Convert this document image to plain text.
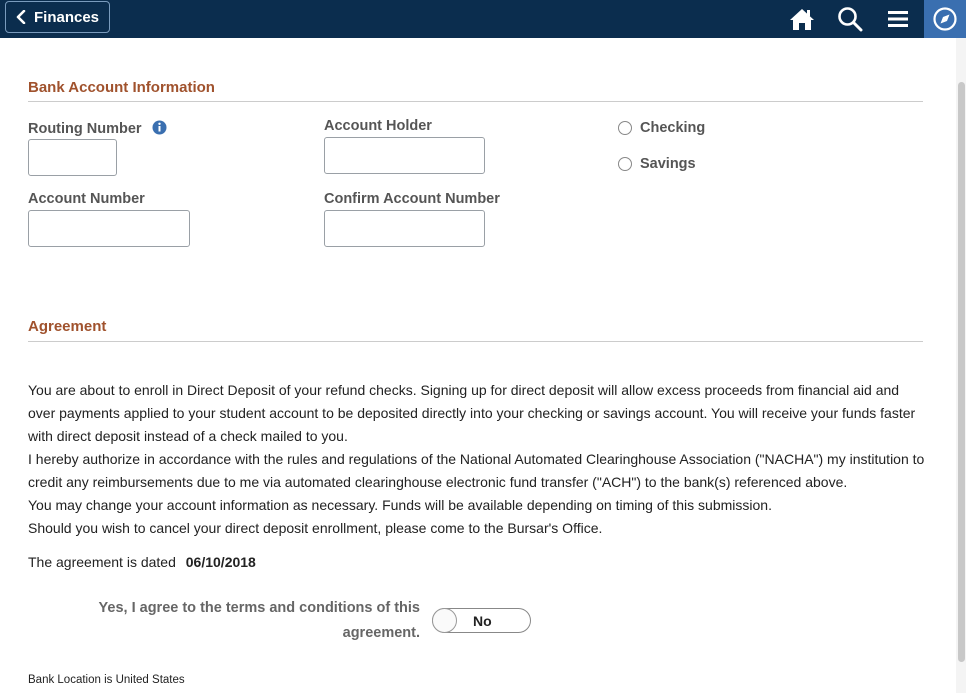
Finances
Bank Account Information
Routing Number	Account Holder	Checking
Savings
Account Number	Confirm Account Number
Agreement

You are about to enroll in Direct Deposit of your refund checks. Signing up for direct deposit will allow excess proceeds from financial aid and over payments applied to your student account to be deposited directly into your checking or savings account. You will receive your funds faster with direct deposit instead of a check mailed to you.

I hereby authorize in accordance with the rules and regulations of the National Automated Clearinghouse Association ("NACHA") my institution to credit any reimbursements due to me via automated clearinghouse electronic fund transfer ("ACH") to the bank(s) referenced above.

You may change your account information as necessary. Funds will be available depending on timing of this submission.

Should you wish to cancel your direct deposit enrollment, please come to the Bursar's Office.

The agreement is dated 06/10/2018
Yes, I agree to the terms and conditions of this agreement.
No
Bank Location is United States
